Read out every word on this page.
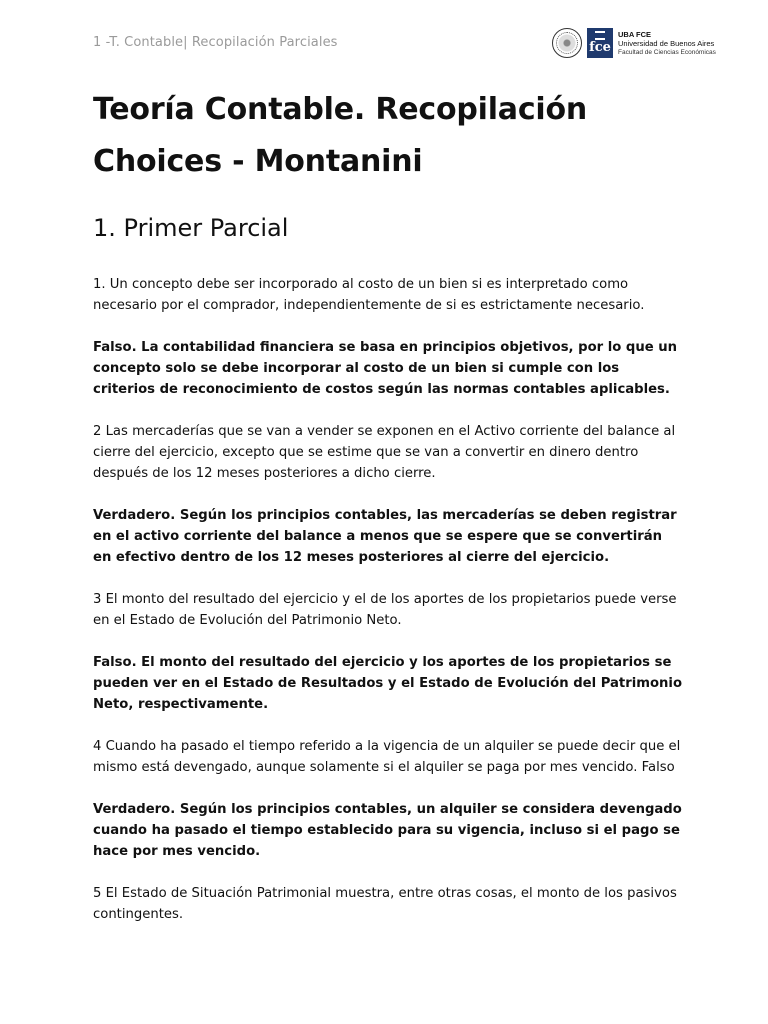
1 -T. Contable| Recopilación Parciales	fce
UBA FCE
Universidad de Buenos Aires
Facultad de Ciencias Económicas
Teoría Contable. Recopilación
Choices - Montanini
1. Primer Parcial

1. Un concepto debe ser incorporado al costo de un bien si es interpretado como necesario por el comprador, independientemente de si es estrictamente necesario.

Falso. La contabilidad financiera se basa en principios objetivos, por lo que un concepto solo se debe incorporar al costo de un bien si cumple con los criterios de reconocimiento de costos según las normas contables aplicables.

2 Las mercaderías que se van a vender se exponen en el Activo corriente del balance al cierre del ejercicio, excepto que se estime que se van a convertir en dinero dentro después de los 12 meses posteriores a dicho cierre.

Verdadero. Según los principios contables, las mercaderías se deben registrar en el activo corriente del balance a menos que se espere que se convertirán en efectivo dentro de los 12 meses posteriores al cierre del ejercicio.

3 El monto del resultado del ejercicio y el de los aportes de los propietarios puede verse en el Estado de Evolución del Patrimonio Neto.

Falso. El monto del resultado del ejercicio y los aportes de los propietarios se pueden ver en el Estado de Resultados y el Estado de Evolución del Patrimonio Neto, respectivamente.

4 Cuando ha pasado el tiempo referido a la vigencia de un alquiler se puede decir que el mismo está devengado, aunque solamente si el alquiler se paga por mes vencido. Falso

Verdadero. Según los principios contables, un alquiler se considera devengado cuando ha pasado el tiempo establecido para su vigencia, incluso si el pago se hace por mes vencido.

5 El Estado de Situación Patrimonial muestra, entre otras cosas, el monto de los pasivos contingentes.
